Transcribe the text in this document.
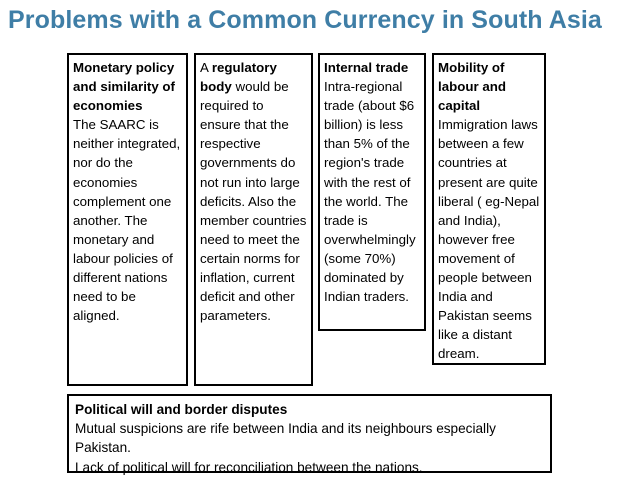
Problems with a Common Currency in South Asia
Monetary policy and similarity of economies
The SAARC is neither integrated, nor do the economies complement one another. The monetary and labour policies of different nations need to be aligned.
A regulatory body would be required to ensure that the respective governments do not run into large deficits. Also the member countries need to meet the certain norms for inflation, current deficit and other parameters.
Internal trade
Intra-regional trade (about $6 billion) is less than 5% of the region's trade with the rest of the world. The trade is overwhelmingly (some 70%) dominated by Indian traders.
Mobility of labour and capital
Immigration laws between a few countries at present are quite liberal ( eg-Nepal and India), however free movement of people between India and Pakistan seems like a distant dream.
Political will and border disputes
Mutual suspicions are rife between India and its neighbours especially Pakistan.
Lack of political will for reconciliation between the nations.
